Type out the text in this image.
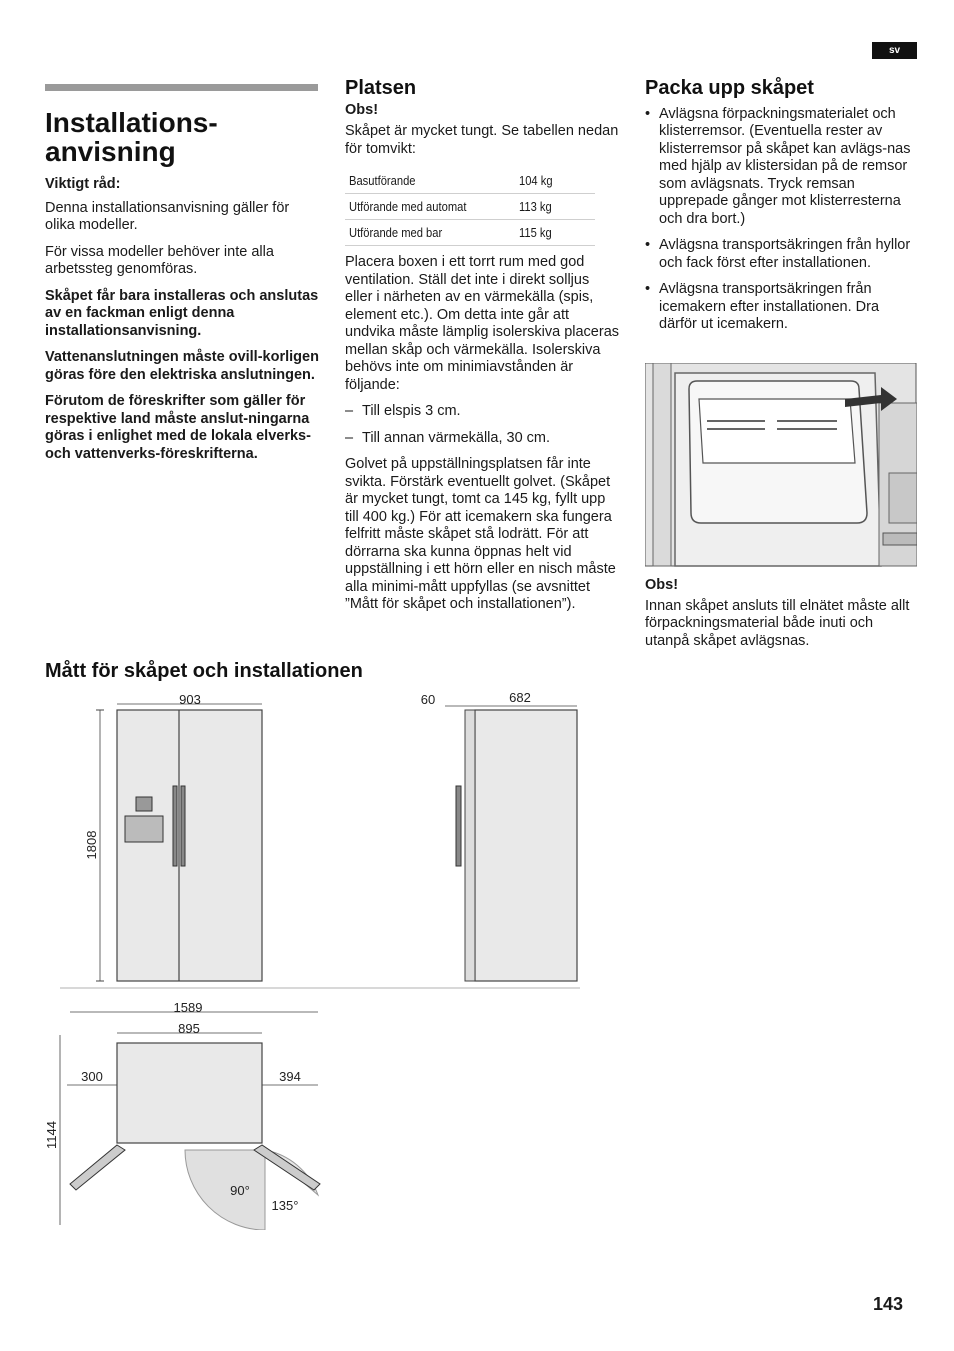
sv
Installations-
anvisning

Viktigt råd:

Denna installationsanvisning gäller för olika modeller.

För vissa modeller behöver inte alla arbetssteg genomföras.

Skåpet får bara installeras och anslutas av en fackman enligt denna installationsanvisning.

Vattenanslutningen måste ovill-korligen göras före den elektriska anslutningen.

Förutom de föreskrifter som gäller för respektive land måste anslut-ningarna göras i enlighet med de lokala elverks- och vattenverks-föreskrifterna.

Platsen

Obs!

Skåpet är mycket tungt. Se tabellen nedan för tomvikt:

Basutförande	104 kg
Utförande med automat	113 kg
Utförande med bar	115 kg

Placera boxen i ett torrt rum med god ventilation. Ställ det inte i direkt solljus eller i närheten av en värmekälla (spis, element etc.). Om detta inte går att undvika måste lämplig isolerskiva placeras mellan skåp och värmekälla. Isolerskiva behövs inte om minimiavstånden är följande:

– Till elspis 3 cm.
– Till annan värmekälla, 30 cm.

Golvet på uppställningsplatsen får inte svikta. Förstärk eventuellt golvet. (Skåpet är mycket tungt, tomt ca 145 kg, fyllt upp till 400 kg.) För att icemakern ska fungera felfritt måste skåpet stå lodrätt. För att dörrarna ska kunna öppnas helt vid uppställning i ett hörn eller en nisch måste alla minimi-mått uppfyllas (se avsnittet ”Mått för skåpet och installationen”).

Packa upp skåpet
• Avlägsna förpackningsmaterialet och klisterremsor. (Eventuella rester av klisterremsor på skåpet kan avlägs-nas med hjälp av klistersidan på de remsor som avlägsnats. Tryck remsan upprepade gånger mot klisterresterna och dra bort.)
• Avlägsna transportsäkringen från hyllor och fack först efter installationen.
• Avlägsna transportsäkringen från icemakern efter installationen. Dra därför ut icemakern.

Obs!

Innan skåpet ansluts till elnätet måste allt förpackningsmaterial både inuti och utanpå skåpet avlägsnas.

Mått för skåpet och installationen
903
1808
60	682
1589
895
300	394
1144
90°
135°
143
